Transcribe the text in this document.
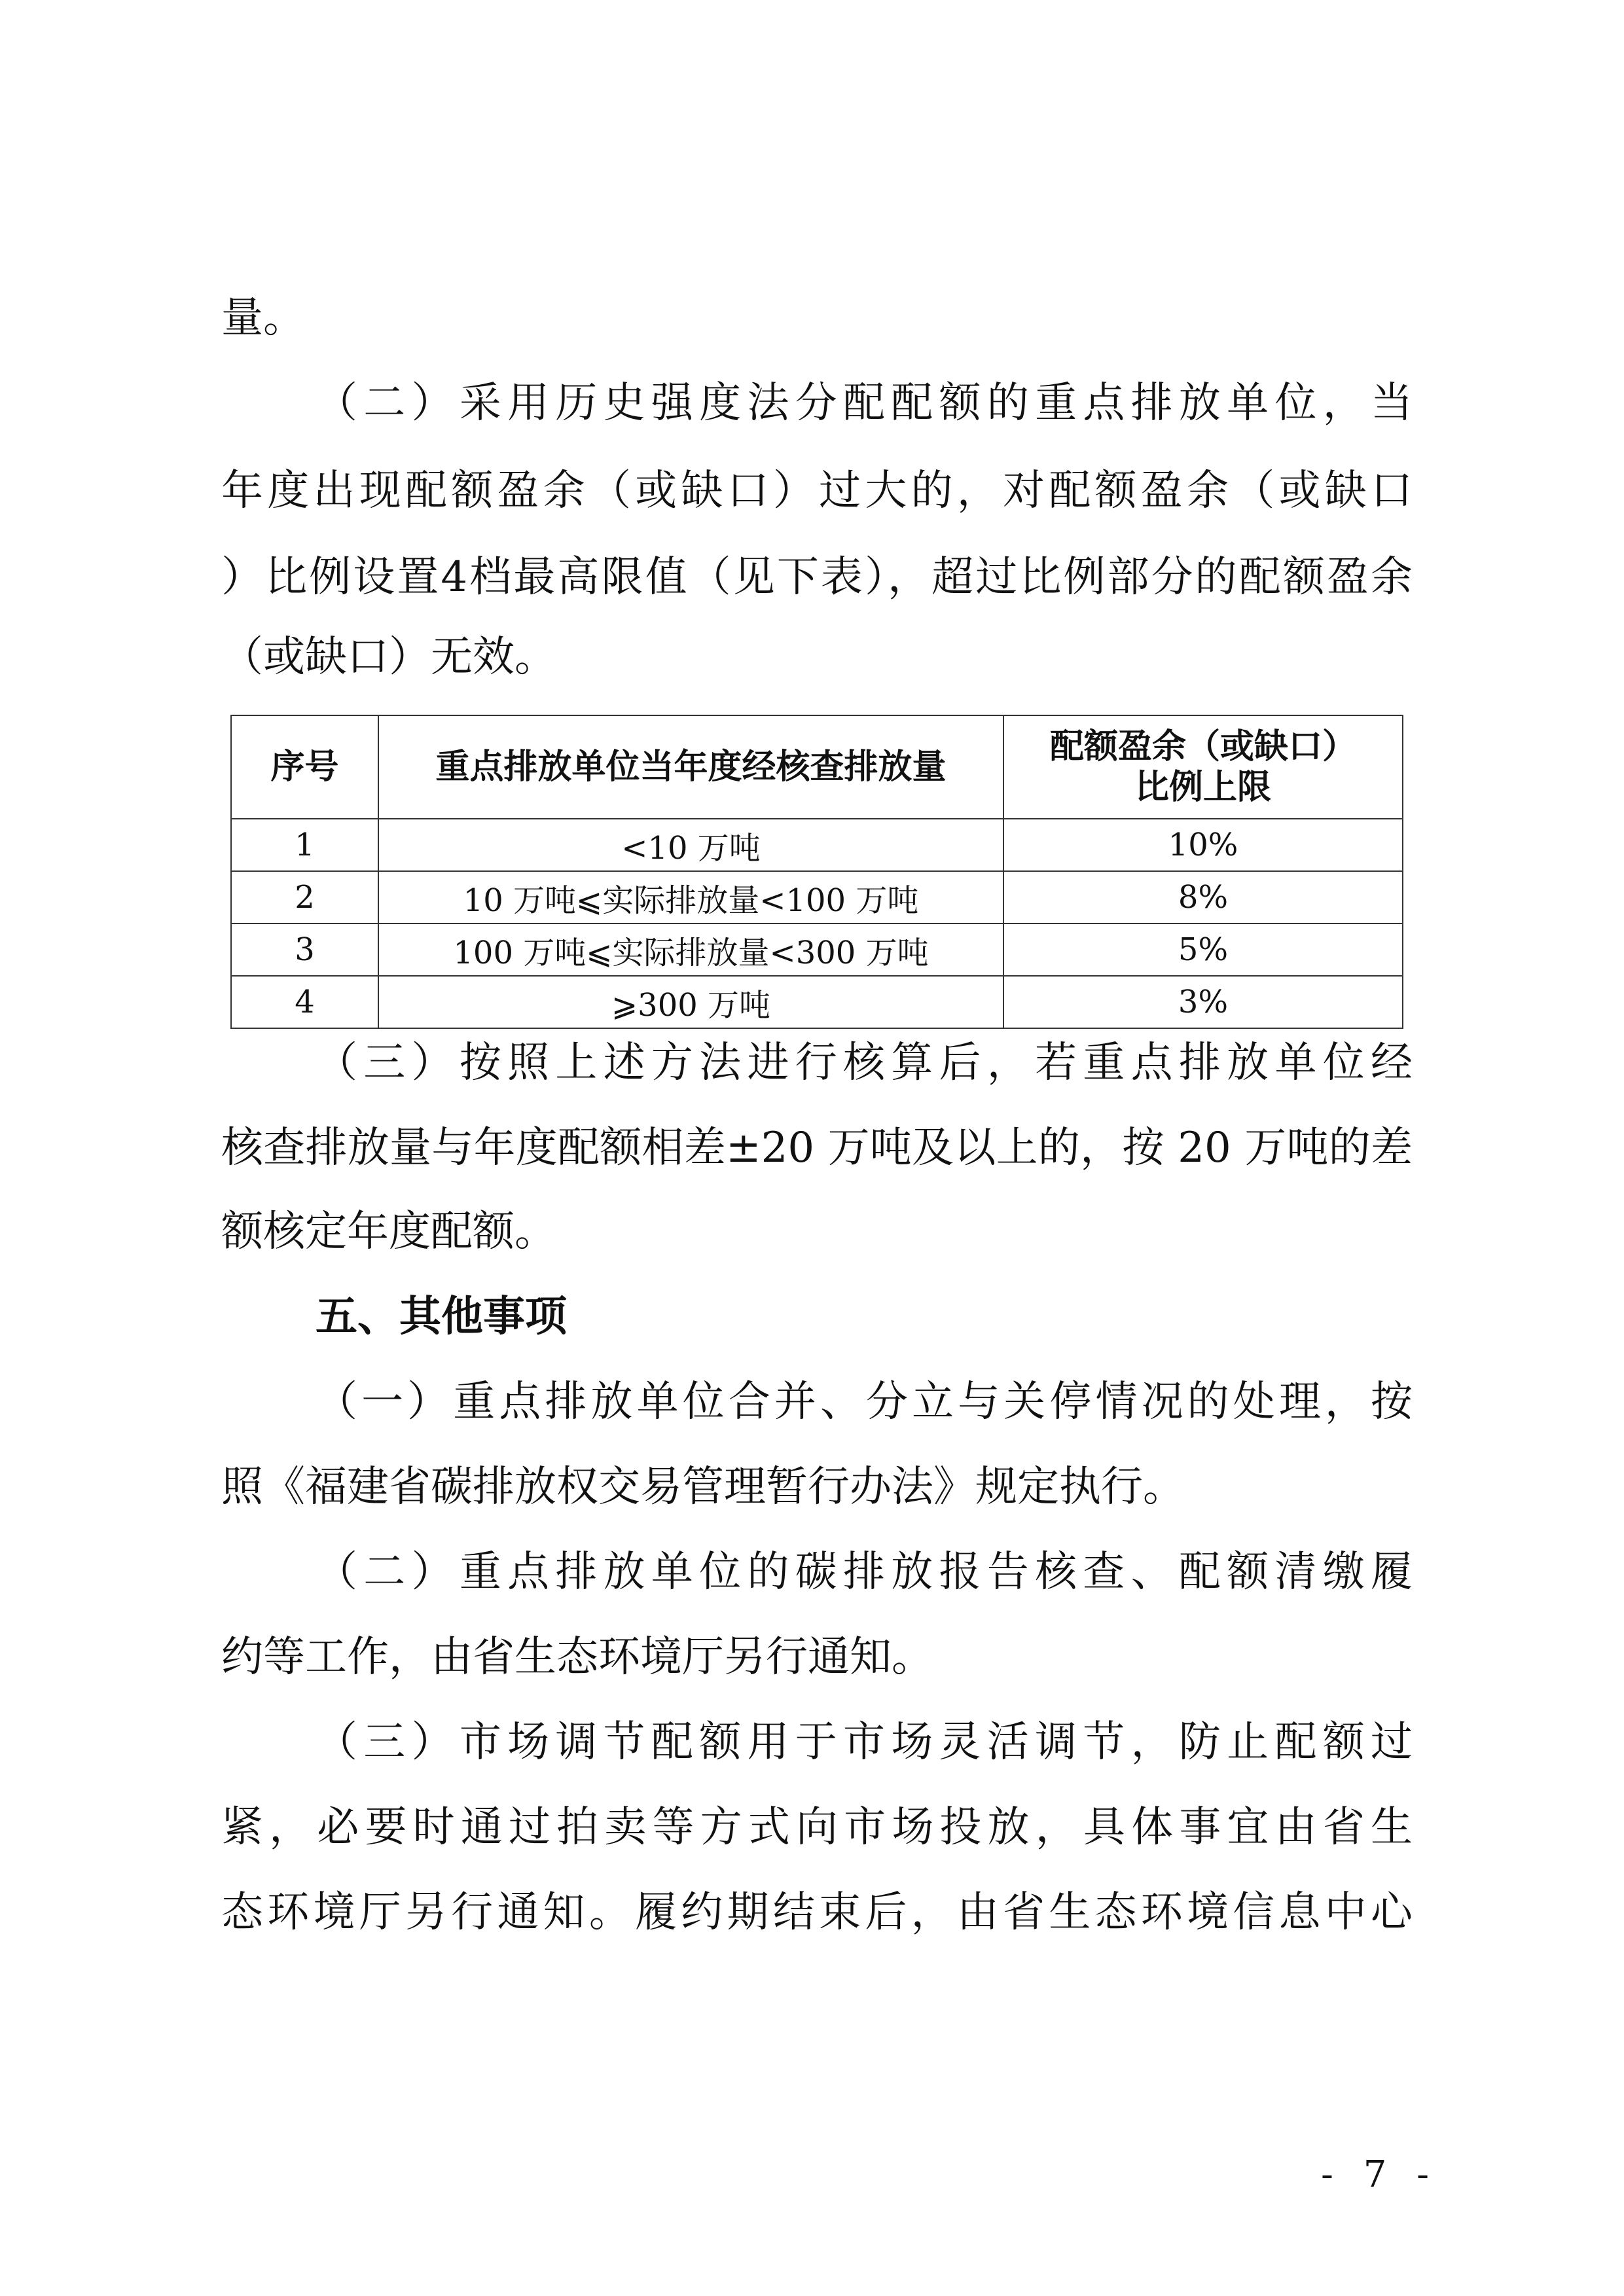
量。
（二）采用历史强度法分配配额的重点排放单位，当
年度出现配额盈余（或缺口）过大的，对配额盈余（或缺口
）比例设置4档最高限值（见下表），超过比例部分的配额盈余
（或缺口）无效。
序号	重点排放单位当年度经核查排放量	配额盈余（或缺口）
比例上限

1	<10 万吨	10%
2	10 万吨⩽实际排放量<100 万吨	8%
3	100 万吨⩽实际排放量<300 万吨	5%
4	⩾300 万吨	3%
（三）按照上述方法进行核算后，若重点排放单位经
核查排放量与年度配额相差±20 万吨及以上的，按 20 万吨的差
额核定年度配额。
五、其他事项
（一）重点排放单位合并、分立与关停情况的处理，按
照《福建省碳排放权交易管理暂行办法》规定执行。
（二）重点排放单位的碳排放报告核查、配额清缴履
约等工作，由省生态环境厅另行通知。
（三）市场调节配额用于市场灵活调节，防止配额过
紧，必要时通过拍卖等方式向市场投放，具体事宜由省生
态环境厅另行通知。履约期结束后，由省生态环境信息中心
- 7 -
